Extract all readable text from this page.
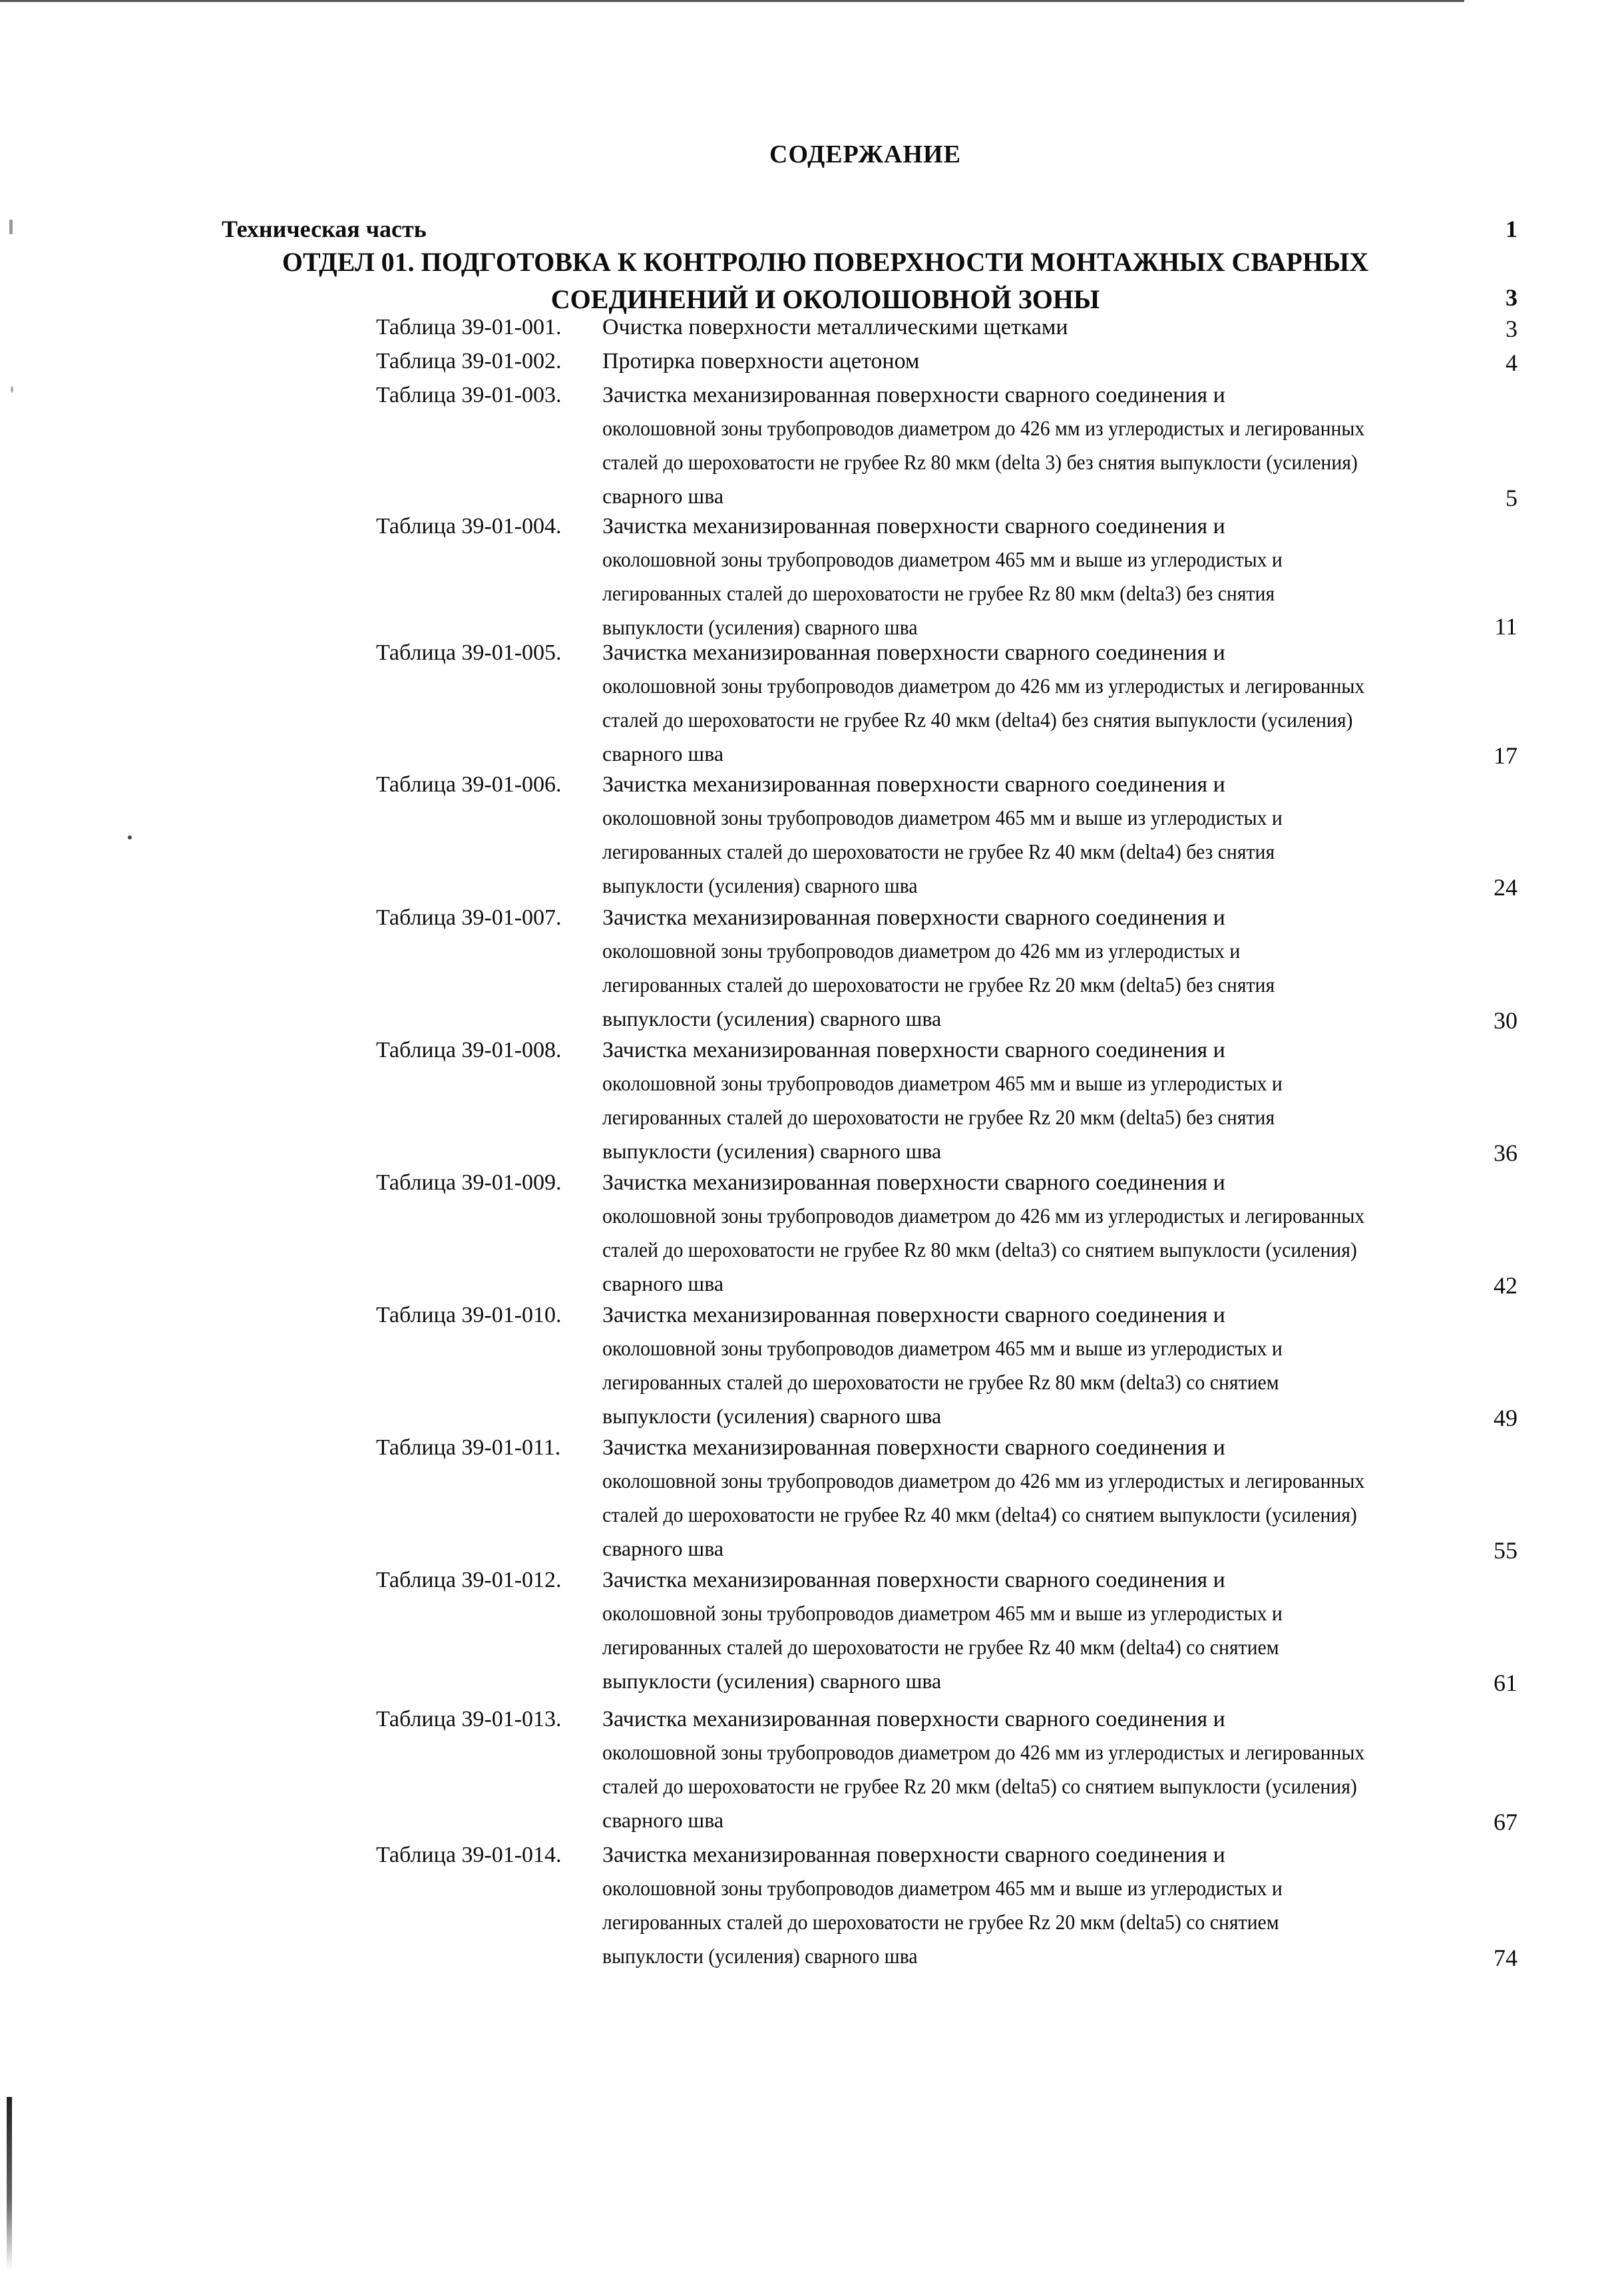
СОДЕРЖАНИЕ
Техническая часть	1
ОТДЕЛ 01. ПОДГОТОВКА К КОНТРОЛЮ ПОВЕРХНОСТИ МОНТАЖНЫХ СВАРНЫХ
СОЕДИНЕНИЙ И ОКОЛОШОВНОЙ ЗОНЫ	3
Таблица 39-01-001. Очистка поверхности металлическими щетками	3
Таблица 39-01-002. Протирка поверхности ацетоном	4
Таблица 39-01-003. Зачистка механизированная поверхности сварного соединения и
околошовной зоны трубопроводов диаметром до 426 мм из углеродистых и легированных
сталей до шероховатости не грубее Rz 80 мкм (delta 3) без снятия выпуклости (усиления)
сварного шва	5
Таблица 39-01-004. Зачистка механизированная поверхности сварного соединения и
околошовной зоны трубопроводов диаметром 465 мм и выше из углеродистых и
легированных сталей до шероховатости не грубее Rz 80 мкм (delta3) без снятия
выпуклости (усиления) сварного шва	11
Таблица 39-01-005. Зачистка механизированная поверхности сварного соединения и
околошовной зоны трубопроводов диаметром до 426 мм из углеродистых и легированных
сталей до шероховатости не грубее Rz 40 мкм (delta4) без снятия выпуклости (усиления)
сварного шва	17
Таблица 39-01-006. Зачистка механизированная поверхности сварного соединения и
околошовной зоны трубопроводов диаметром 465 мм и выше из углеродистых и
легированных сталей до шероховатости не грубее Rz 40 мкм (delta4) без снятия
выпуклости (усиления) сварного шва	24
Таблица 39-01-007. Зачистка механизированная поверхности сварного соединения и
околошовной зоны трубопроводов диаметром до 426 мм из углеродистых и
легированных сталей до шероховатости не грубее Rz 20 мкм (delta5) без снятия
выпуклости (усиления) сварного шва	30
Таблица 39-01-008. Зачистка механизированная поверхности сварного соединения и
околошовной зоны трубопроводов диаметром 465 мм и выше из углеродистых и
легированных сталей до шероховатости не грубее Rz 20 мкм (delta5) без снятия
выпуклости (усиления) сварного шва	36
Таблица 39-01-009. Зачистка механизированная поверхности сварного соединения и
околошовной зоны трубопроводов диаметром до 426 мм из углеродистых и легированных
сталей до шероховатости не грубее Rz 80 мкм (delta3) со снятием выпуклости (усиления)
сварного шва	42
Таблица 39-01-010. Зачистка механизированная поверхности сварного соединения и
околошовной зоны трубопроводов диаметром 465 мм и выше из углеродистых и
легированных сталей до шероховатости не грубее Rz 80 мкм (delta3) со снятием
выпуклости (усиления) сварного шва	49
Таблица 39-01-011. Зачистка механизированная поверхности сварного соединения и
околошовной зоны трубопроводов диаметром до 426 мм из углеродистых и легированных
сталей до шероховатости не грубее Rz 40 мкм (delta4) со снятием выпуклости (усиления)
сварного шва	55
Таблица 39-01-012. Зачистка механизированная поверхности сварного соединения и
околошовной зоны трубопроводов диаметром 465 мм и выше из углеродистых и
легированных сталей до шероховатости не грубее Rz 40 мкм (delta4) со снятием
выпуклости (усиления) сварного шва	61
Таблица 39-01-013. Зачистка механизированная поверхности сварного соединения и
околошовной зоны трубопроводов диаметром до 426 мм из углеродистых и легированных
сталей до шероховатости не грубее Rz 20 мкм (delta5) со снятием выпуклости (усиления)
сварного шва	67
Таблица 39-01-014. Зачистка механизированная поверхности сварного соединения и
околошовной зоны трубопроводов диаметром 465 мм и выше из углеродистых и
легированных сталей до шероховатости не грубее Rz 20 мкм (delta5) со снятием
выпуклости (усиления) сварного шва	74
